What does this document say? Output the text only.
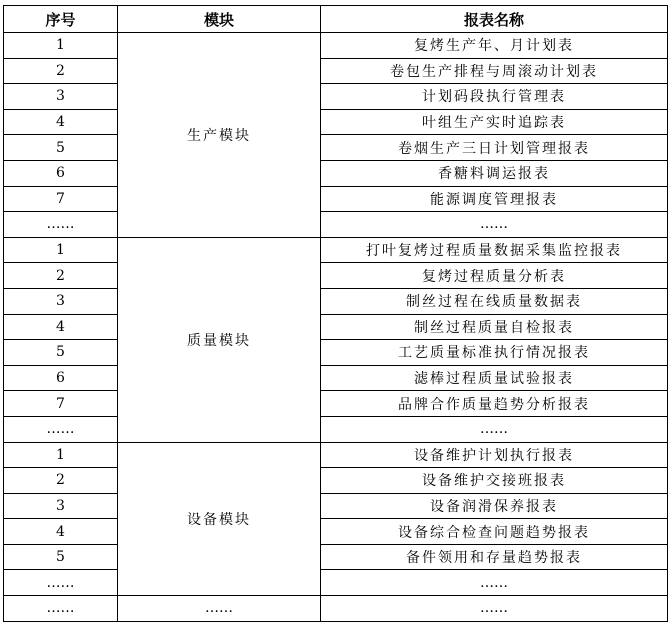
序号	模块	报表名称
1	生产模块	复烤生产年、月计划表
2		卷包生产排程与周滚动计划表
3		计划码段执行管理表
4		叶组生产实时追踪表
5		卷烟生产三日计划管理报表
6		香糖料调运报表
7		能源调度管理报表
……		……
1	质量模块	打叶复烤过程质量数据采集监控报表
2		复烤过程质量分析表
3		制丝过程在线质量数据表
4		制丝过程质量自检报表
5		工艺质量标准执行情况报表
6		滤棒过程质量试验报表
7		品牌合作质量趋势分析报表
……		……
1	设备模块	设备维护计划执行报表
2		设备维护交接班报表
3		设备润滑保养报表
4		设备综合检查问题趋势报表
5		备件领用和存量趋势报表
……		……
……	……	……
